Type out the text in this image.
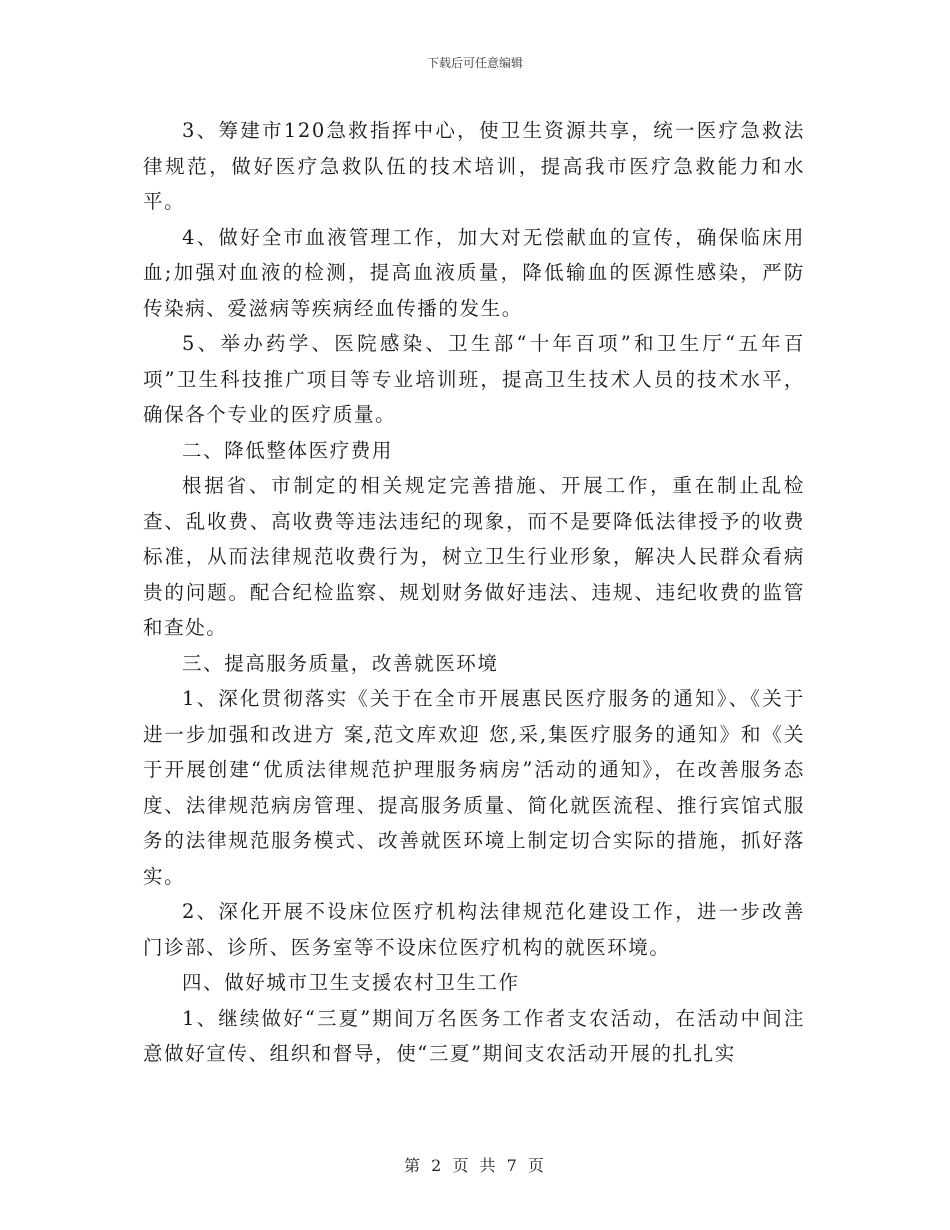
下载后可任意编辑

3、筹建市120急救指挥中心，使卫生资源共享，统一医疗急救法律规范，做好医疗急救队伍的技术培训，提高我市医疗急救能力和水平。

4、做好全市血液管理工作，加大对无偿献血的宣传，确保临床用血;加强对血液的检测，提高血液质量，降低输血的医源性感染，严防传染病、爱滋病等疾病经血传播的发生。

5、举办药学、医院感染、卫生部“十年百项”和卫生厅“五年百项”卫生科技推广项目等专业培训班，提高卫生技术人员的技术水平，确保各个专业的医疗质量。

二、降低整体医疗费用

根据省、市制定的相关规定完善措施、开展工作，重在制止乱检查、乱收费、高收费等违法违纪的现象，而不是要降低法律授予的收费标准，从而法律规范收费行为，树立卫生行业形象，解决人民群众看病贵的问题。配合纪检监察、规划财务做好违法、违规、违纪收费的监管和查处。

三、提高服务质量，改善就医环境

1、深化贯彻落实《关于在全市开展惠民医疗服务的通知》、《关于进一步加强和改进方 案,范文库欢迎 您,采,集医疗服务的通知》和《关于开展创建“优质法律规范护理服务病房”活动的通知》，在改善服务态度、法律规范病房管理、提高服务质量、简化就医流程、推行宾馆式服务的法律规范服务模式、改善就医环境上制定切合实际的措施，抓好落实。

2、深化开展不设床位医疗机构法律规范化建设工作，进一步改善门诊部、诊所、医务室等不设床位医疗机构的就医环境。

四、做好城市卫生支援农村卫生工作

1、继续做好“三夏”期间万名医务工作者支农活动，在活动中间注意做好宣传、组织和督导，使“三夏”期间支农活动开展的扎扎实

第 2 页 共 7 页
